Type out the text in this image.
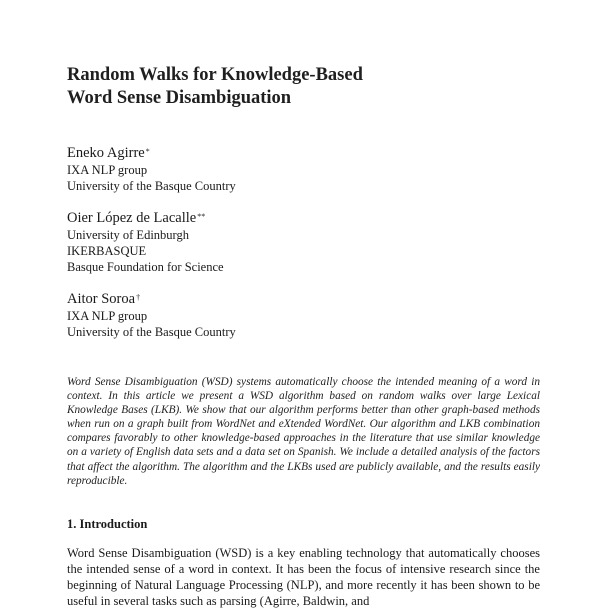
Random Walks for Knowledge-Based
Word Sense Disambiguation
Eneko Agirre*
IXA NLP group
University of the Basque Country
Oier López de Lacalle**
University of Edinburgh
IKERBASQUE
Basque Foundation for Science
Aitor Soroa†
IXA NLP group
University of the Basque Country

Word Sense Disambiguation (WSD) systems automatically choose the intended meaning of a word in context. In this article we present a WSD algorithm based on random walks over large Lexical Knowledge Bases (LKB). We show that our algorithm performs better than other graph-based methods when run on a graph built from WordNet and eXtended WordNet. Our algorithm and LKB combination compares favorably to other knowledge-based approaches in the literature that use similar knowledge on a variety of English data sets and a data set on Spanish. We include a detailed analysis of the factors that affect the algorithm. The algorithm and the LKBs used are publicly available, and the results easily reproducible.

1. Introduction

Word Sense Disambiguation (WSD) is a key enabling technology that automatically chooses the intended sense of a word in context. It has been the focus of intensive research since the beginning of Natural Language Processing (NLP), and more recently it has been shown to be useful in several tasks such as parsing (Agirre, Baldwin, and
